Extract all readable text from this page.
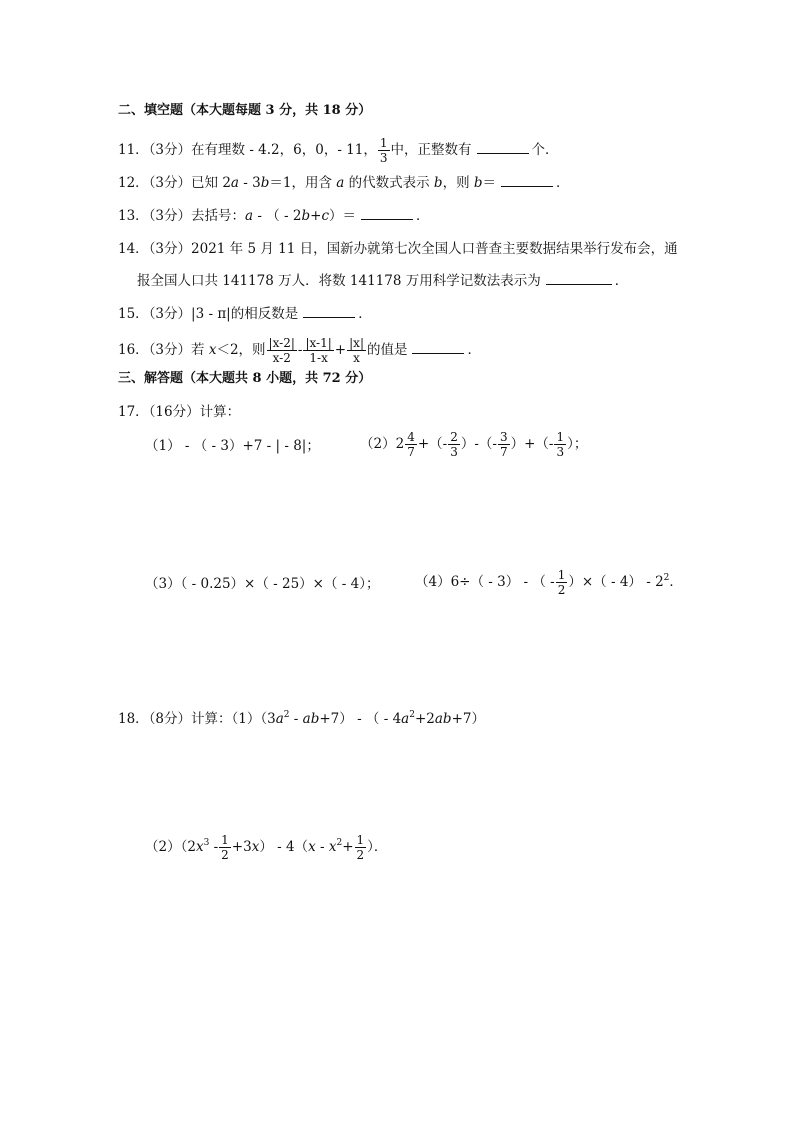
二、填空题（本大题每题 3 分，共 18 分）
11．（3分）在有理数 - 4.2，6，0，- 11， $\frac{1}{3}$ 中，正整数有	个．
12．（3分）已知 2a - 3b＝1，用含 a 的代数式表示 b，则 b＝	．
13．（3分）去括号：a - （ - 2b+c）＝	．
14．（3分）2021 年 5 月 11 日，国新办就第七次全国人口普查主要数据结果举行发布会，通
报全国人口共 141178 万人．将数 141178 万用科学记数法表示为	．
15．（3分）|3 - π|的相反数是	．
16．（3分）若 x＜2，则 | $\frac{x-2 |}{x-2}$ - | $\frac{x-1 |}{1-x}$ + | $\frac{x |}{x}$ 的值是	．
三、解答题（本大题共 8 小题，共 72 分）
17．（16分）计算：
（1） - （ - 3）+7 - | - 8|；	$(2)2 \frac{4}{7}$ +（- $\frac{2}{3}$ ）-（- $\frac{3}{7}$ ）+（- $\frac{1}{3}$ ）；
（3）（ - 0.25）×（ - 25）×（ - 4）；	（4）6÷（ - 3） - （ - $\frac{1}{2}$ ）×（ - $4) - 2^2$．
18．（8分）计算：$(1)(3a^2 - ab+7)$ - （ - $4a^2+2ab+7$）
$(2)(2x^3 - \frac{1}{2} +3x) - 4(x - x^2+ \frac{1}{2}$ ）．
